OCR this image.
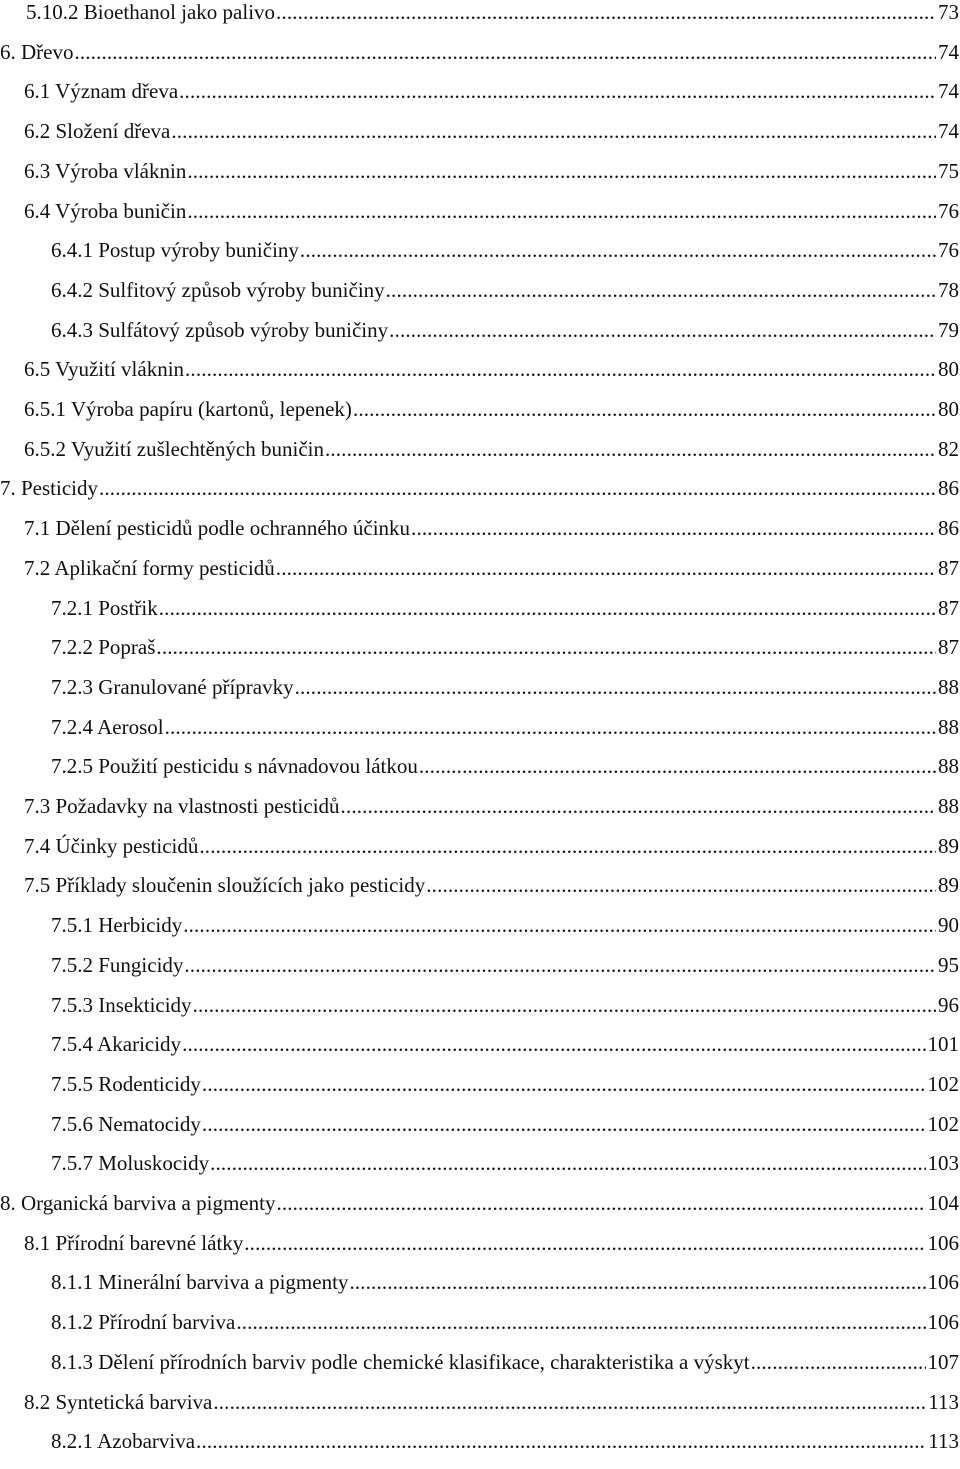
5.10.2 Bioethanol jako palivo . . .	73
6. Dřevo . . .	74
6.1 Význam dřeva . . .	74
6.2 Složení dřeva . . .	74
6.3 Výroba vláknin . . .	75
6.4 Výroba buničin . . .	76
6.4.1 Postup výroby buničiny . . .	76
6.4.2 Sulfitový způsob výroby buničiny . . .	78
6.4.3 Sulfátový způsob výroby buničiny . . .	79
6.5 Využití vláknin . . .	80
6.5.1 Výroba papíru (kartonů, lepenek) . . .	80
6.5.2 Využití zušlechtěných buničin . . .	82
7. Pesticidy . . .	86
7.1 Dělení pesticidů podle ochranného účinku . . .	86
7.2 Aplikační formy pesticidů . . .	87
7.2.1 Postřik . . .	87
7.2.2 Popraš . . .	87
7.2.3 Granulované přípravky . . .	88
7.2.4 Aerosol . . .	88
7.2.5 Použití pesticidu s návnadovou látkou . . .	88
7.3 Požadavky na vlastnosti pesticidů . . .	88
7.4 Účinky pesticidů . . .	89
7.5 Příklady sloučenin sloužících jako pesticidy . . .	89
7.5.1 Herbicidy . . .	90
7.5.2 Fungicidy . . .	95
7.5.3 Insekticidy . . .	96
7.5.4 Akaricidy . . .	101
7.5.5 Rodenticidy . . .	102
7.5.6 Nematocidy . . .	102
7.5.7 Moluskocidy . . .	103
8. Organická barviva a pigmenty . . .	104
8.1 Přírodní barevné látky . . .	106
8.1.1 Minerální barviva a pigmenty . . .	106
8.1.2 Přírodní barviva . . .	106
8.1.3 Dělení přírodních barviv podle chemické klasifikace, charakteristika a výskyt . . .	107
8.2 Syntetická barviva . . .	113
8.2.1 Azobarviva . . .	113
